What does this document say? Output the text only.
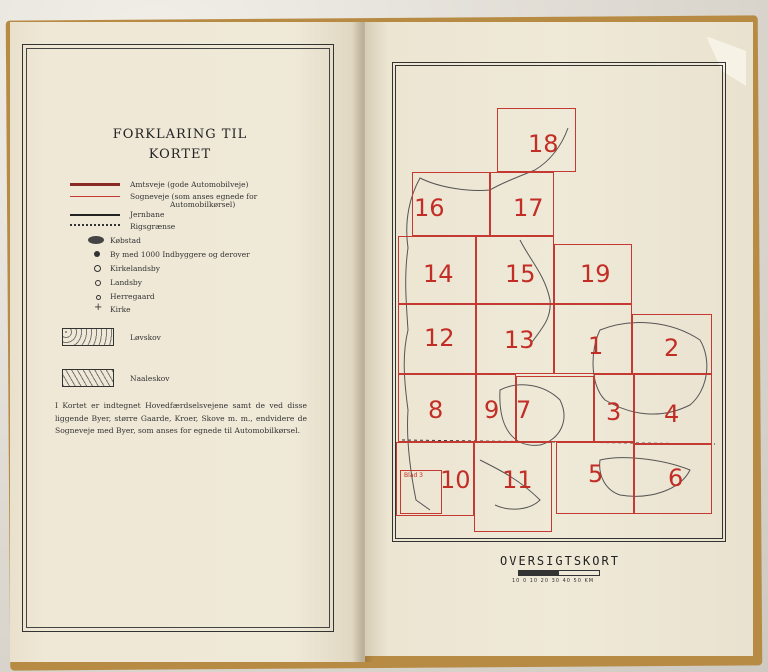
FORKLARING TIL
KORTET
Amtsveje (gode Automobilveje)
Sogneveje (som anses egnede for
Automobilkørsel)
Jernbane
Rigsgrænse
Købstad
By med 1000 Indbyggere og derover
Kirkelandsby
Landsby
Herregaard
+ Kirke
Løvskov
Naaleskov
I Kortet er indtegnet Hovedfærdselsvejene samt de ved disse liggende Byer, større Gaarde, Kroer, Skove m. m., endvidere de Sogneveje med Byer, som anses for egnede til Automobilkørsel.
Blad 3
18
16	17
14 15 19
12 13 1	2
8 9 7	3 4
10 11 5	6
OVERSIGTSKORT
10 0 10 20 30 40 50 KM
